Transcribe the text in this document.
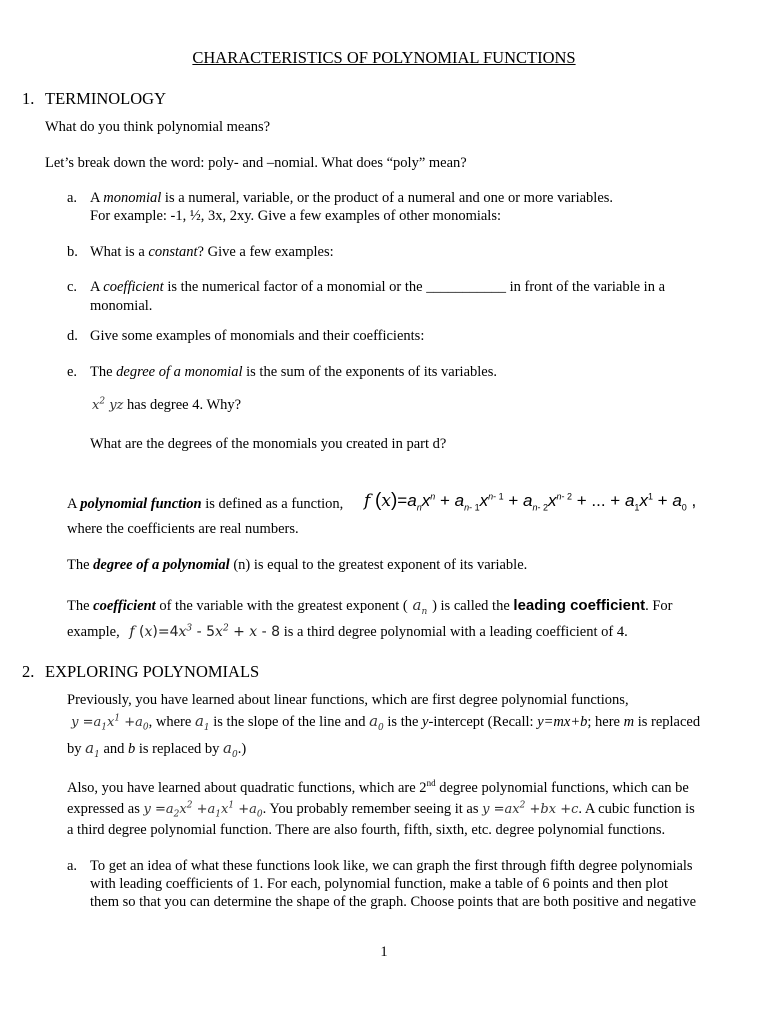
CHARACTERISTICS OF POLYNOMIAL FUNCTIONS
1. TERMINOLOGY
What do you think polynomial means?
Let’s break down the word: poly- and –nomial. What does “poly” mean?
a. A monomial is a numeral, variable, or the product of a numeral and one or more variables.
For example: -1, ½, 3x, 2xy. Give a few examples of other monomials:
b. What is a constant? Give a few examples:
c. A coefficient is the numerical factor of a monomial or the ___________ in front of the variable in a
monomial.
d. Give some examples of monomials and their coefficients:
e. The degree of a monomial is the sum of the exponents of its variables.
$x^2$ yz has degree 4. Why?
What are the degrees of the monomials you created in part d?
A polynomial function is defined as a function, f $(x)=a_nx^n + a_{n- 1}x^{n- 1} + a_{n- 2}x^{n- 2}$ + ... + $a_1x^1 + a_0$ ,
where the coefficients are real numbers.
The degree of a polynomial (n) is equal to the greatest exponent of its variable.
The coefficient of the variable with the greatest exponent ( $a_n$ ) is called the leading coefficient. For
example, f $(x)=4x^3 - 5x^2 + x - 8$ is a third degree polynomial with a leading coefficient of 4.
2. EXPLORING POLYNOMIALS
Previously, you have learned about linear functions, which are first degree polynomial functions,
$y =a_1x^1 +a_0$, where $a_1$ is the slope of the line and $a_0$ is the y-intercept (Recall: y=mx+b; here m is replaced
by $a_1$ and b is replaced by $a_0$.)
Also, you have learned about quadratic functions, which are 2nd degree polynomial functions, which can be
expressed as $y =a_2x^2 +a_1x^1 +a_0$. You probably remember seeing it as $y =ax^2 +bx +c$. A cubic function is
a third degree polynomial function. There are also fourth, fifth, sixth, etc. degree polynomial functions.
a. To get an idea of what these functions look like, we can graph the first through fifth degree polynomials
with leading coefficients of 1. For each, polynomial function, make a table of 6 points and then plot
them so that you can determine the shape of the graph. Choose points that are both positive and negative
1
